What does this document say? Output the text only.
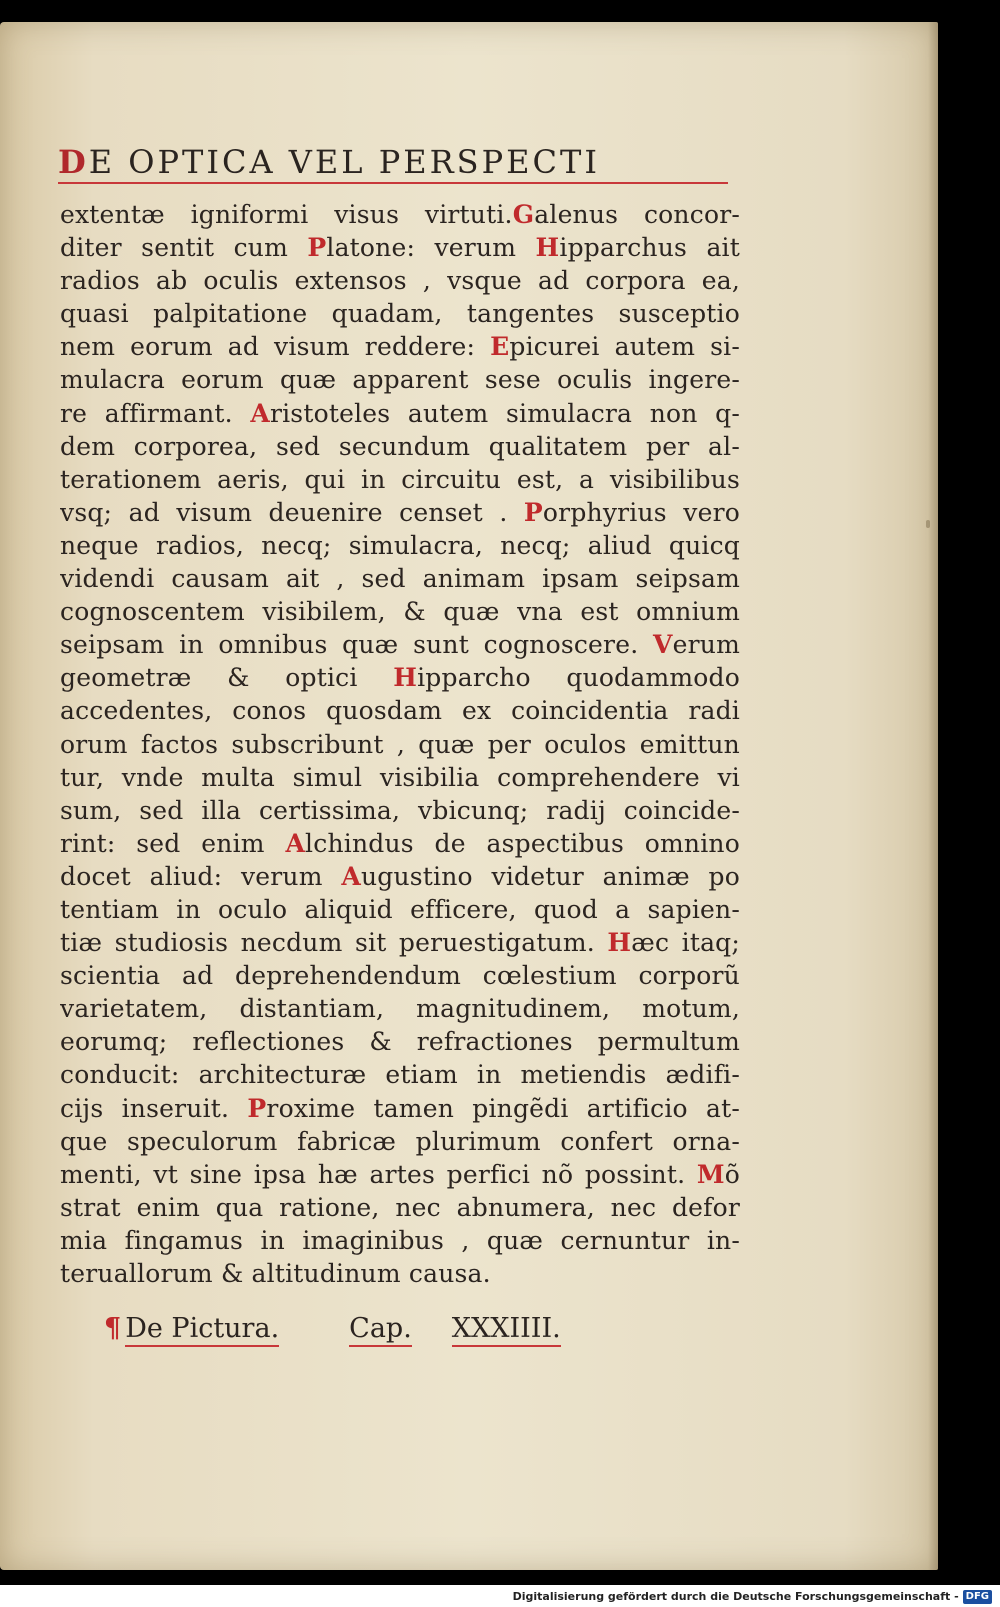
DE OPTICA VEL PERSPECTI
extentæ igniformi visus virtuti.Galenus concor-
diter sentit cum Platone: verum Hipparchus ait
radios ab oculis extensos , vsque ad corpora ea,
quasi palpitatione quadam, tangentes susceptio
nem eorum ad visum reddere: Epicurei autem si-
mulacra eorum quæ apparent sese oculis ingere-
re affirmant. Aristoteles autem simulacra non q-
dem corporea, sed secundum qualitatem per al-
terationem aeris, qui in circuitu est, a visibilibus
vsq; ad visum deuenire censet . Porphyrius vero
neque radios, necq; simulacra, necq; aliud quicq
videndi causam ait , sed animam ipsam seipsam
cognoscentem visibilem, & quæ vna est omnium
seipsam in omnibus quæ sunt cognoscere. Verum
geometræ & optici Hipparcho quodammodo
accedentes, conos quosdam ex coincidentia radi
orum factos subscribunt , quæ per oculos emittun
tur, vnde multa simul visibilia comprehendere vi
sum, sed illa certissima, vbicunq; radij coincide-
rint: sed enim Alchindus de aspectibus omnino
docet aliud: verum Augustino videtur animæ po
tentiam in oculo aliquid efficere, quod a sapien-
tiæ studiosis necdum sit peruestigatum. Hæc itaq;
scientia ad deprehendendum cœlestium corporũ
varietatem, distantiam, magnitudinem, motum,
eorumq; reflectiones & refractiones permultum
conducit: architecturæ etiam in metiendis ædifi-
cijs inseruit. Proxime tamen pingẽdi artificio at-
que speculorum fabricæ plurimum confert orna-
menti, vt sine ipsa hæ artes perfici nõ possint. Mõ
strat enim qua ratione, nec abnumera, nec defor
mia fingamus in imaginibus , quæ cernuntur in-
teruallorum & altitudinum causa.
¶ De Pictura.	Cap. XXXIIII.
Digitalisierung gefördert durch die Deutsche Forschungsgemeinschaft - DFG
